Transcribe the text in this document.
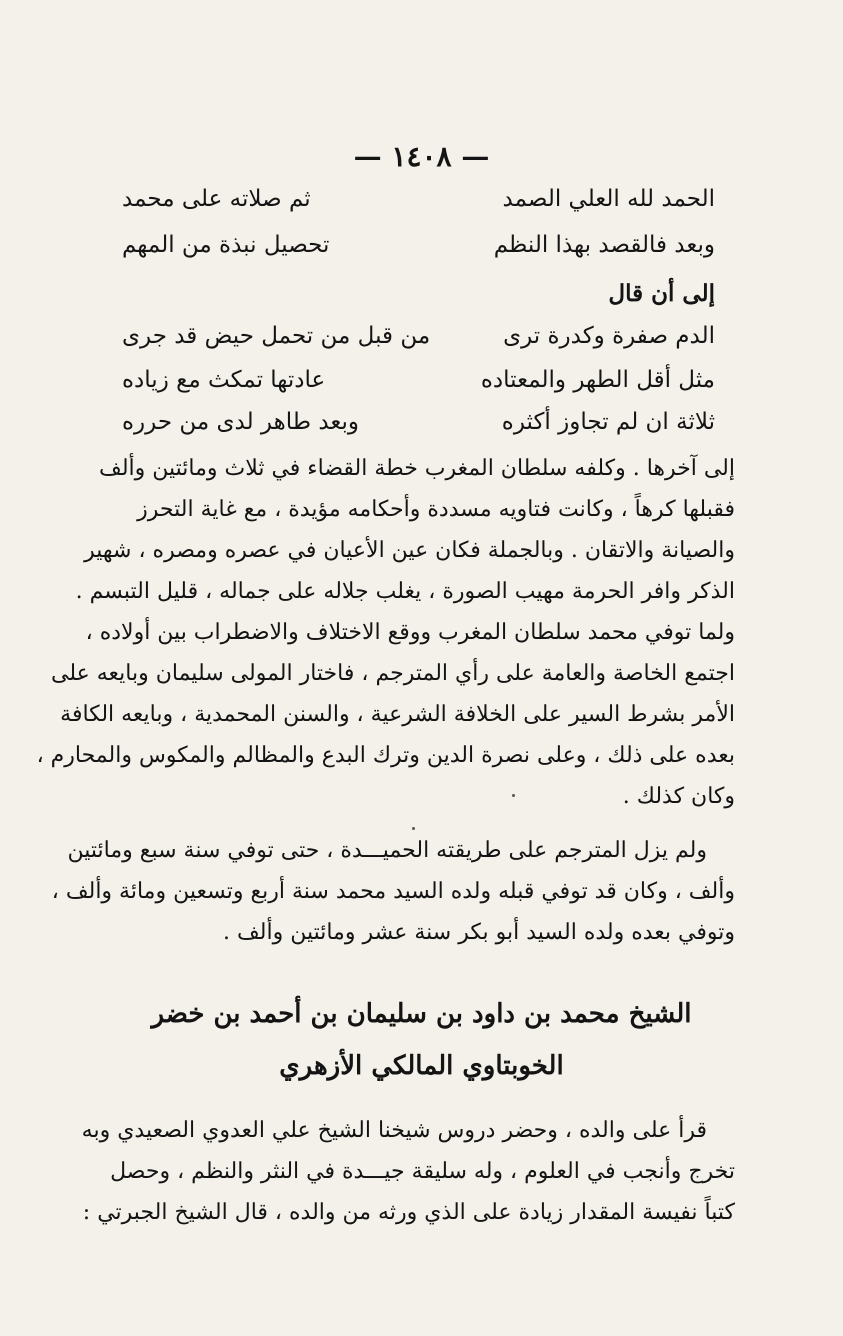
— ١٤٠٨ —
الحمد لله العلي الصمد
ثم صلاته على محمد
وبعد فالقصد بهذا النظم
تحصيل نبذة من المهم
إلى أن قال
الدم صفرة وكدرة ترى
من قبل من تحمل حيض قد جرى
مثل أقل الطهر والمعتاده
عادتها تمكث مع زياده
ثلاثة ان لم تجاوز أكثره
وبعد طاهر لدى من حرره
إلى آخرها . وكلفه سلطان المغرب خطة القضاء في ثلاث ومائتين وألف
فقبلها كرهاً ، وكانت فتاويه مسددة وأحكامه مؤيدة ، مع غاية التحرز
والصيانة والاتقان . وبالجملة فكان عين الأعيان في عصره ومصره ، شهير
الذكر وافر الحرمة مهيب الصورة ، يغلب جلاله على جماله ، قليل التبسم .
ولما توفي محمد سلطان المغرب ووقع الاختلاف والاضطراب بين أولاده ،
اجتمع الخاصة والعامة على رأي المترجم ، فاختار المولى سليمان وبايعه على
الأمر بشرط السير على الخلافة الشرعية ، والسنن المحمدية ، وبايعه الكافة
بعده على ذلك ، وعلى نصرة الدين وترك البدع والمظالم والمكوس والمحارم ،
وكان كذلك .
ولم يزل المترجم على طريقته الحميـــدة ، حتى توفي سنة سبع ومائتين
وألف ، وكان قد توفي قبله ولده السيد محمد سنة أربع وتسعين ومائة وألف ،
وتوفي بعده ولده السيد أبو بكر سنة عشر ومائتين وألف .
الشيخ محمد بن داود بن سليمان بن أحمد بن خضر
الخوبتاوي المالكي الأزهري
قرأ على والده ، وحضر دروس شيخنا الشيخ علي العدوي الصعيدي وبه
تخرج وأنجب في العلوم ، وله سليقة جيـــدة في النثر والنظم ، وحصل
كتباً نفيسة المقدار زيادة على الذي ورثه من والده ، قال الشيخ الجبرتي :
